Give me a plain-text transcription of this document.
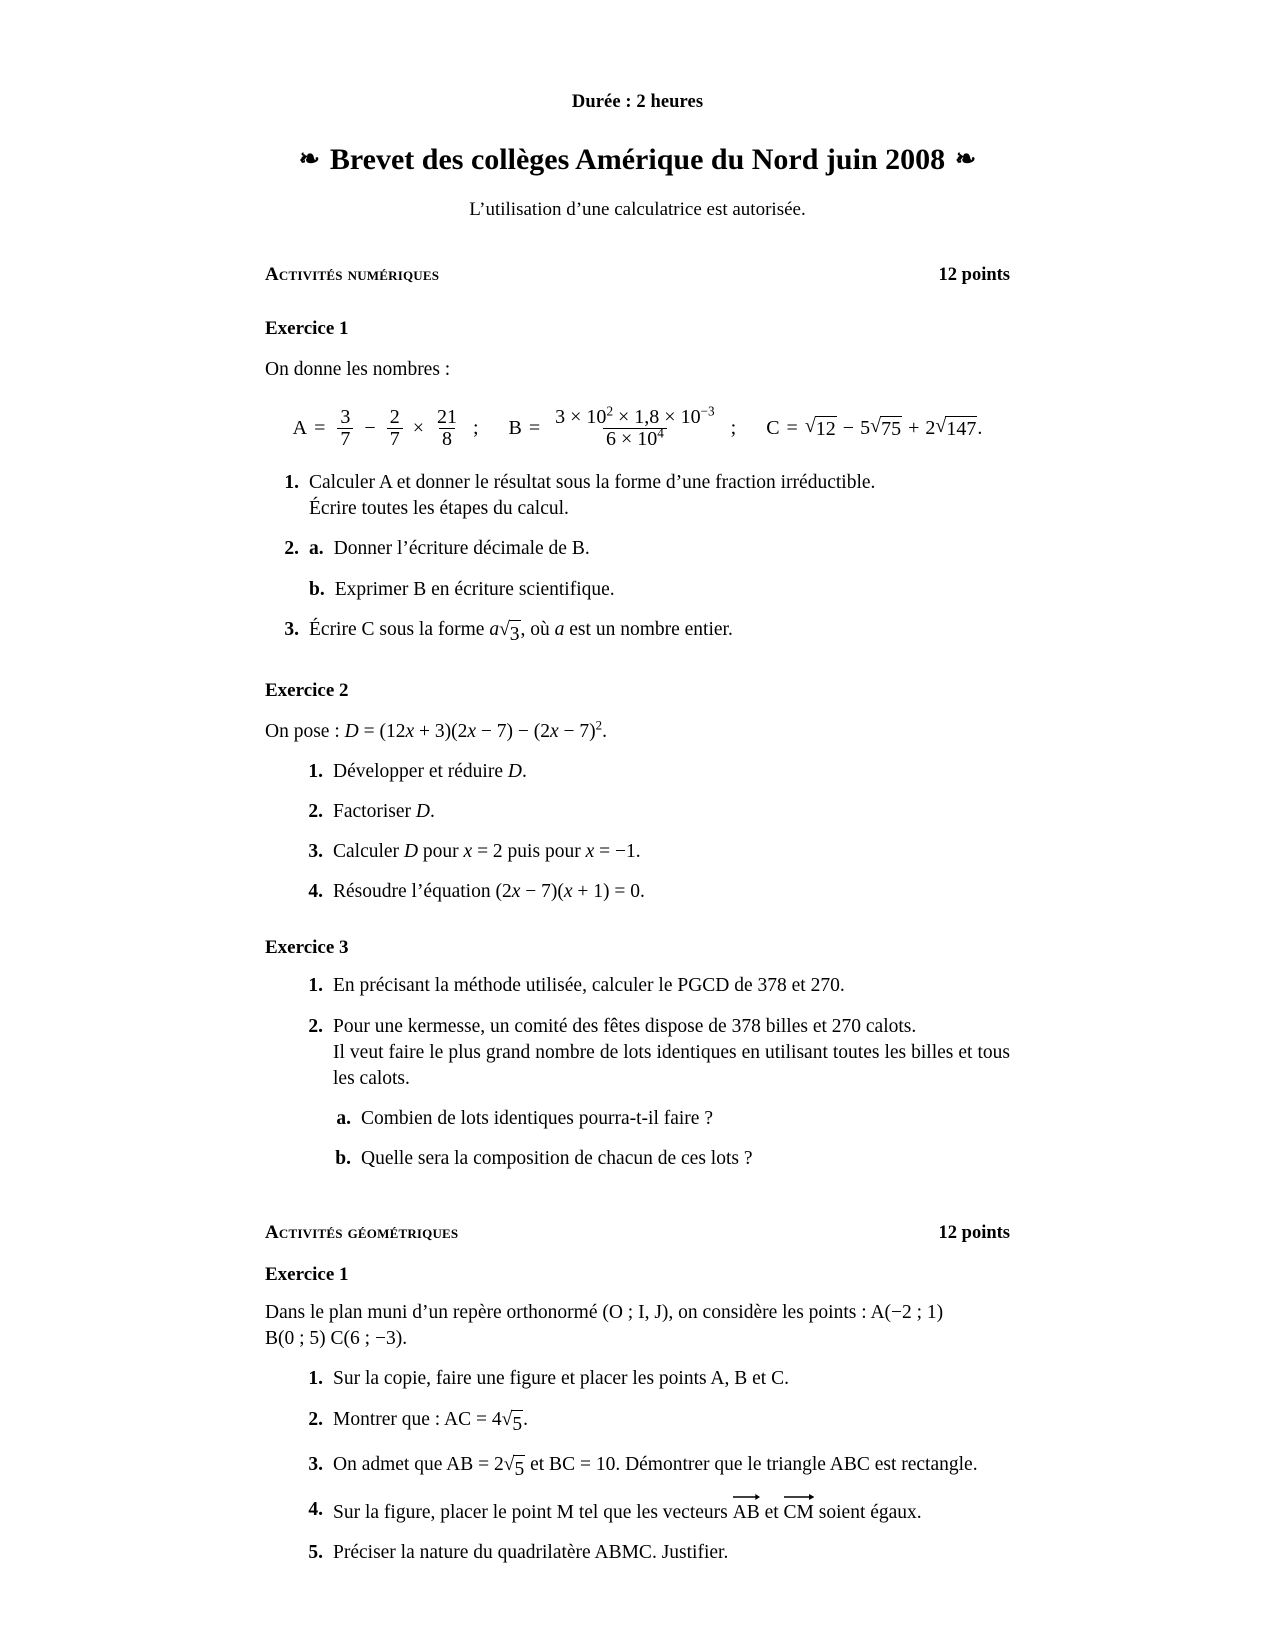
Durée : 2 heures
❧ Brevet des collèges Amérique du Nord juin 2008 ❧
L’utilisation d’une calculatrice est autorisée.
Activités numériques	12 points
Exercice 1
On donne les nombres :
$A = \frac{3}{7} - \frac{2}{7} \times \frac{21}{8}$ ; $B = \frac{3 \times 10^2 \times 1,8 \times 10^{-3}}{6 \times 10^4}$ ; C = √ 12 − 5 √ 75 + 2 √ 147 .
1. Calculer A et donner le résultat sous la forme d’une fraction irréductible.
Écrire toutes les étapes du calcul.
2. a. Donner l’écriture décimale de B.
b. Exprimer B en écriture scientifique.
3. Écrire C sous la forme a √ 3 , où a est un nombre entier.
Exercice 2
On pose : $D = (12x + 3)(2x - 7) - (2x - 7)^2$.
1. Développer et réduire D.
2. Factoriser D.
3. Calculer D pour x = 2 puis pour x = −1.
4. Résoudre l’équation (2x − 7)(x + 1) = 0.
Exercice 3
1. En précisant la méthode utilisée, calculer le PGCD de 378 et 270.
2. Pour une kermesse, un comité des fêtes dispose de 378 billes et 270 calots.
Il veut faire le plus grand nombre de lots identiques en utilisant toutes les billes et tous les calots.
a. Combien de lots identiques pourra-t-il faire ?
b. Quelle sera la composition de chacun de ces lots ?
Activités géométriques	12 points
Exercice 1
Dans le plan muni d’un repère orthonormé (O ; I, J), on considère les points : A(−2 ; 1)
B(0 ; 5) C(6 ; −3).
1. Sur la copie, faire une figure et placer les points A, B et C.
2. Montrer que : AC = 4 √ 5 .
3. On admet que AB = 2 √ 5 et BC = 10. Démontrer que le triangle ABC est rectangle.
4. Sur la figure, placer le point M tel que les vecteurs
AB et
CM soient égaux.
5. Préciser la nature du quadrilatère ABMC. Justifier.
